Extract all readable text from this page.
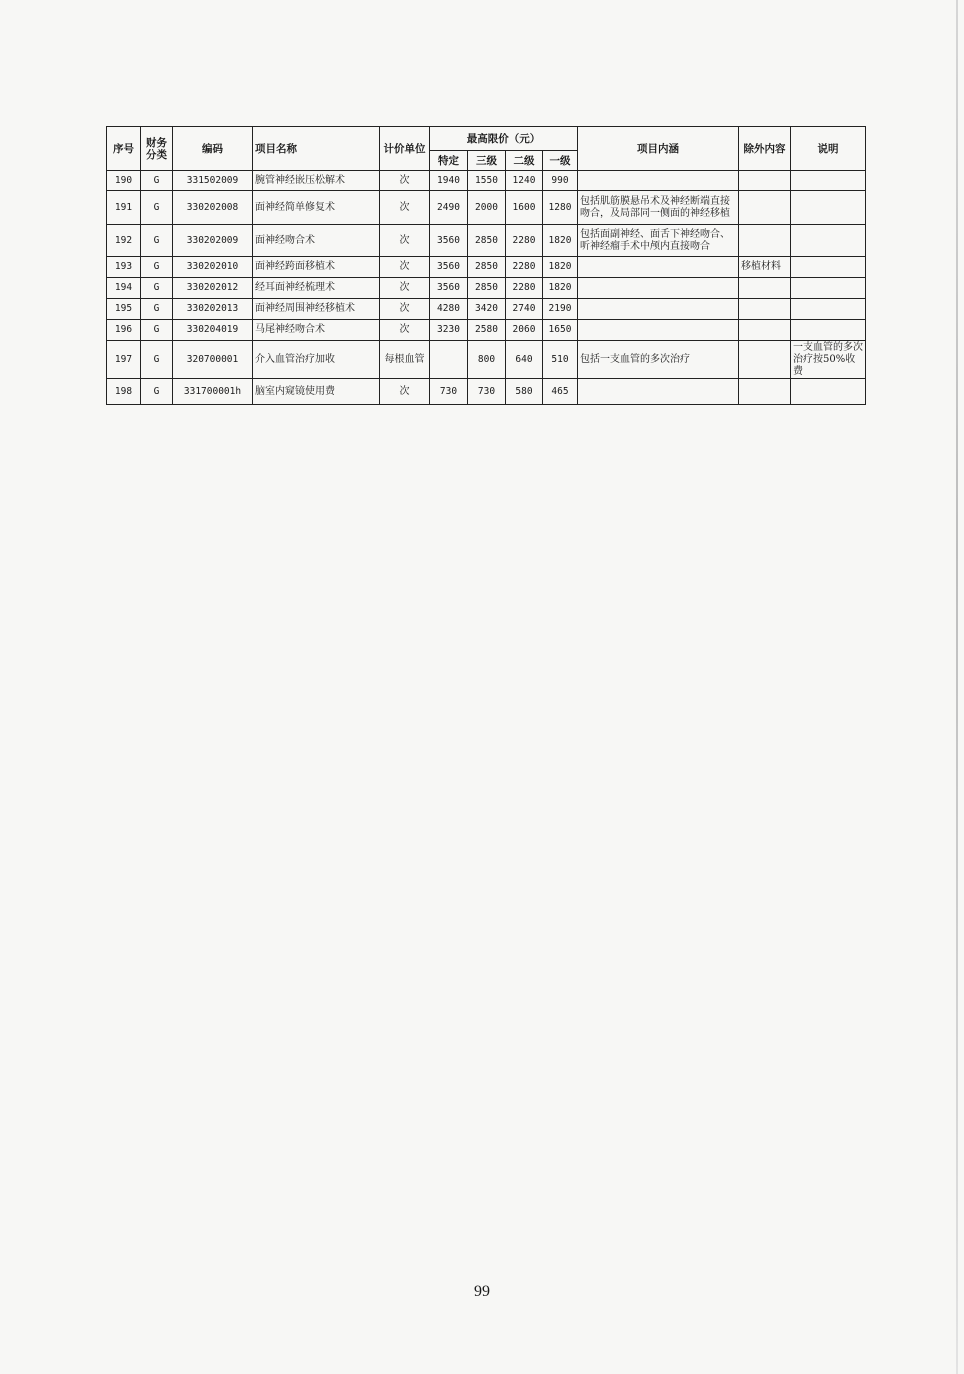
序号	财务分类	编码	项目名称	计价单位	最高限价（元）				项目内涵	除外内容	说明
					特定	三级	二级	一级			
190	G	331502009	腕管神经嵌压松解术	次	1940	1550	1240	990			
191	G	330202008	面神经简单修复术	次	2490	2000	1600	1280	包括肌筋膜悬吊术及神经断端直接吻合，及局部同一侧面的神经移植		
192	G	330202009	面神经吻合术	次	3560	2850	2280	1820	包括面副神经、面舌下神经吻合、听神经瘤手术中颅内直接吻合		
193	G	330202010	面神经跨面移植术	次	3560	2850	2280	1820		移植材料	
194	G	330202012	经耳面神经梳理术	次	3560	2850	2280	1820			
195	G	330202013	面神经周围神经移植术	次	4280	3420	2740	2190			
196	G	330204019	马尾神经吻合术	次	3230	2580	2060	1650			
197	G	320700001	介入血管治疗加收	每根血管		800	640	510	包括一支血管的多次治疗		一支血管的多次治疗按50%收费
198	G	331700001h	脑室内窥镜使用费	次	730	730	580	465			
99
